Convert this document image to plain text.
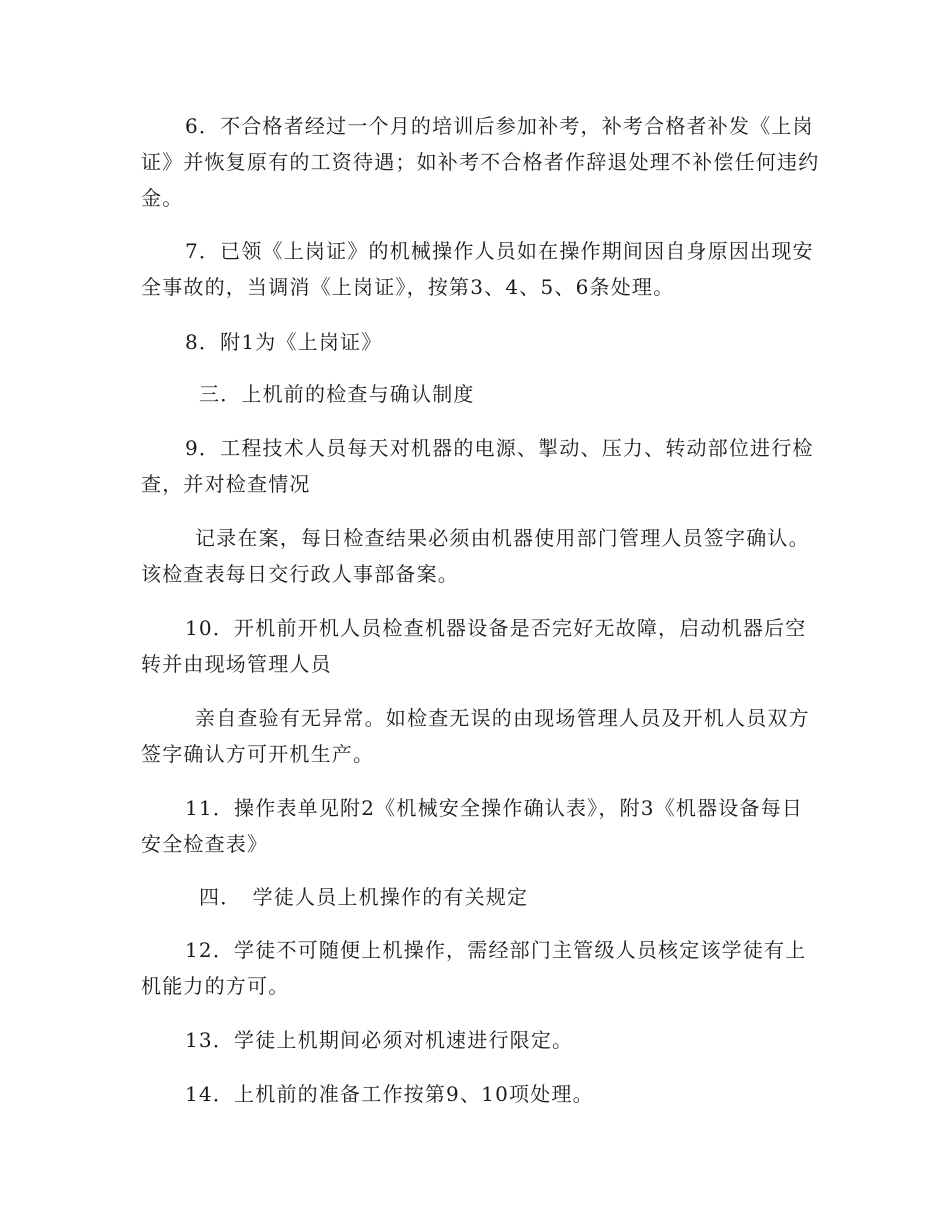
6．不合格者经过一个月的培训后参加补考，补考合格者补发《上岗证》并恢复原有的工资待遇；如补考不合格者作辞退处理不补偿任何违约金。

7．已领《上岗证》的机械操作人员如在操作期间因自身原因出现安全事故的，当调消《上岗证》，按第3、4、5、6条处理。

8．附1为《上岗证》

三．上机前的检查与确认制度

9．工程技术人员每天对机器的电源、掣动、压力、转动部位进行检查，并对检查情况

记录在案，每日检查结果必须由机器使用部门管理人员签字确认。该检查表每日交行政人事部备案。

10．开机前开机人员检查机器设备是否完好无故障，启动机器后空转并由现场管理人员

亲自查验有无异常。如检查无误的由现场管理人员及开机人员双方签字确认方可开机生产。

11．操作表单见附2《机械安全操作确认表》，附3《机器设备每日安全检查表》

四．　学徒人员上机操作的有关规定

12．学徒不可随便上机操作，需经部门主管级人员核定该学徒有上机能力的方可。

13．学徒上机期间必须对机速进行限定。

14．上机前的准备工作按第9、10项处理。
